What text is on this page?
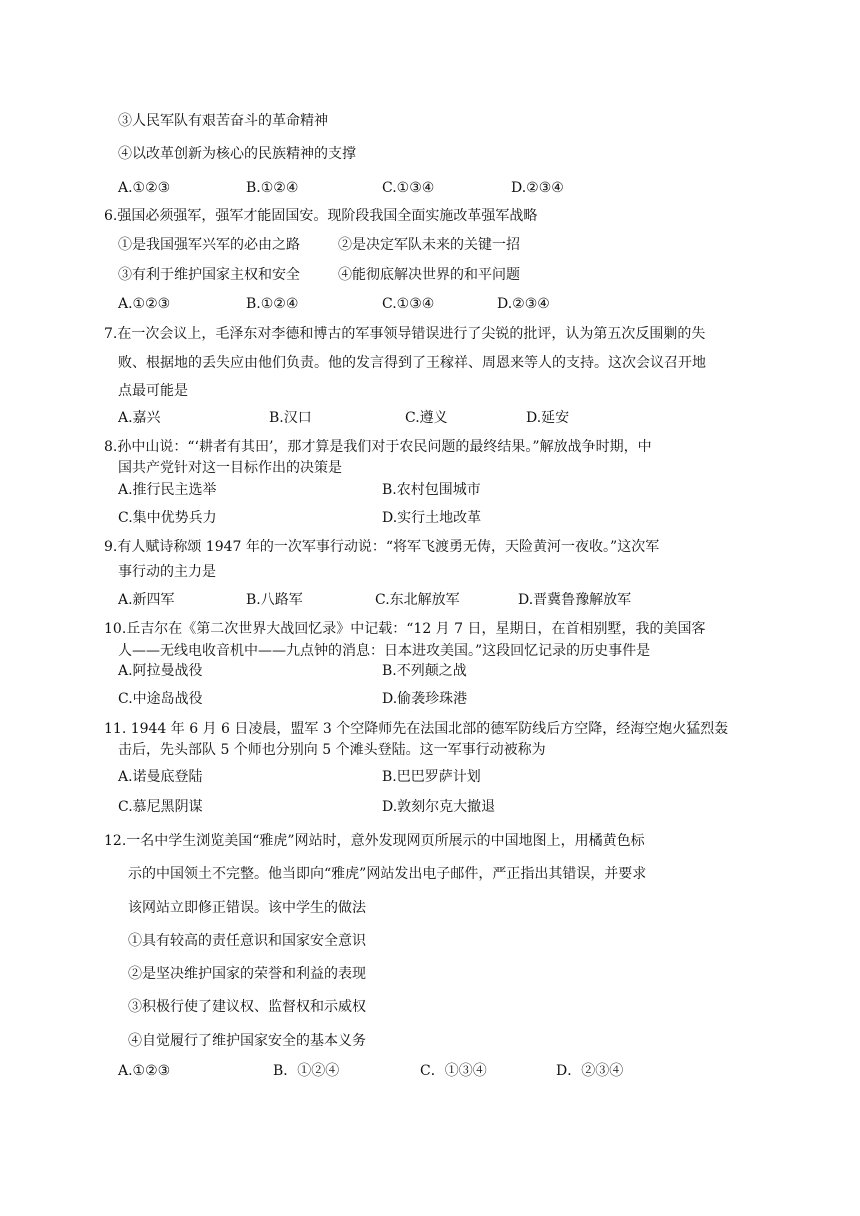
③人民军队有艰苦奋斗的革命精神
④以改革创新为核心的民族精神的支撑
A.①②③	B.①②④	C.①③④	D.②③④
6.强国必须强军，强军才能固国安。现阶段我国全面实施改革强军战略
①是我国强军兴军的必由之路	②是决定军队未来的关键一招
③有利于维护国家主权和安全	④能彻底解决世界的和平问题
A.①②③	B.①②④	C.①③④	D.②③④
7.在一次会议上，毛泽东对李德和博古的军事领导错误进行了尖锐的批评，认为第五次反围剿的失
败、根据地的丢失应由他们负责。他的发言得到了王稼祥、周恩来等人的支持。这次会议召开地
点最可能是
A.嘉兴	B.汉口	C.遵义	D.延安
8.孙中山说：“‘耕者有其田’，那才算是我们对于农民问题的最终结果。”解放战争时期，中
国共产党针对这一目标作出的决策是
A.推行民主选举	B.农村包围城市
C.集中优势兵力	D.实行土地改革
9.有人赋诗称颂 1947 年的一次军事行动说：“将军飞渡勇无俦，天险黄河一夜收。”这次军
事行动的主力是
A.新四军	B.八路军	C.东北解放军	D.晋冀鲁豫解放军
10.丘吉尔在《第二次世界大战回忆录》中记载：“12 月 7 日，星期日，在首相别墅，我的美国客
人——无线电收音机中——九点钟的消息：日本进攻美国。”这段回忆记录的历史事件是
A.阿拉曼战役	B.不列颠之战
C.中途岛战役	D.偷袭珍珠港
11. 1944 年 6 月 6 日凌晨，盟军 3 个空降师先在法国北部的德军防线后方空降，经海空炮火猛烈轰
击后，先头部队 5 个师也分别向 5 个滩头登陆。这一军事行动被称为
A.诺曼底登陆	B.巴巴罗萨计划
C.慕尼黑阴谋	D.敦刻尔克大撤退
12.一名中学生浏览美国“雅虎”网站时，意外发现网页所展示的中国地图上，用橘黄色标
示的中国领土不完整。他当即向“雅虎”网站发出电子邮件，严正指出其错误，并要求
该网站立即修正错误。该中学生的做法
①具有较高的责任意识和国家安全意识
②是坚决维护国家的荣誉和利益的表现
③积极行使了建议权、监督权和示威权
④自觉履行了维护国家安全的基本义务
A.①②③	B．①②④	C．①③④	D．②③④
